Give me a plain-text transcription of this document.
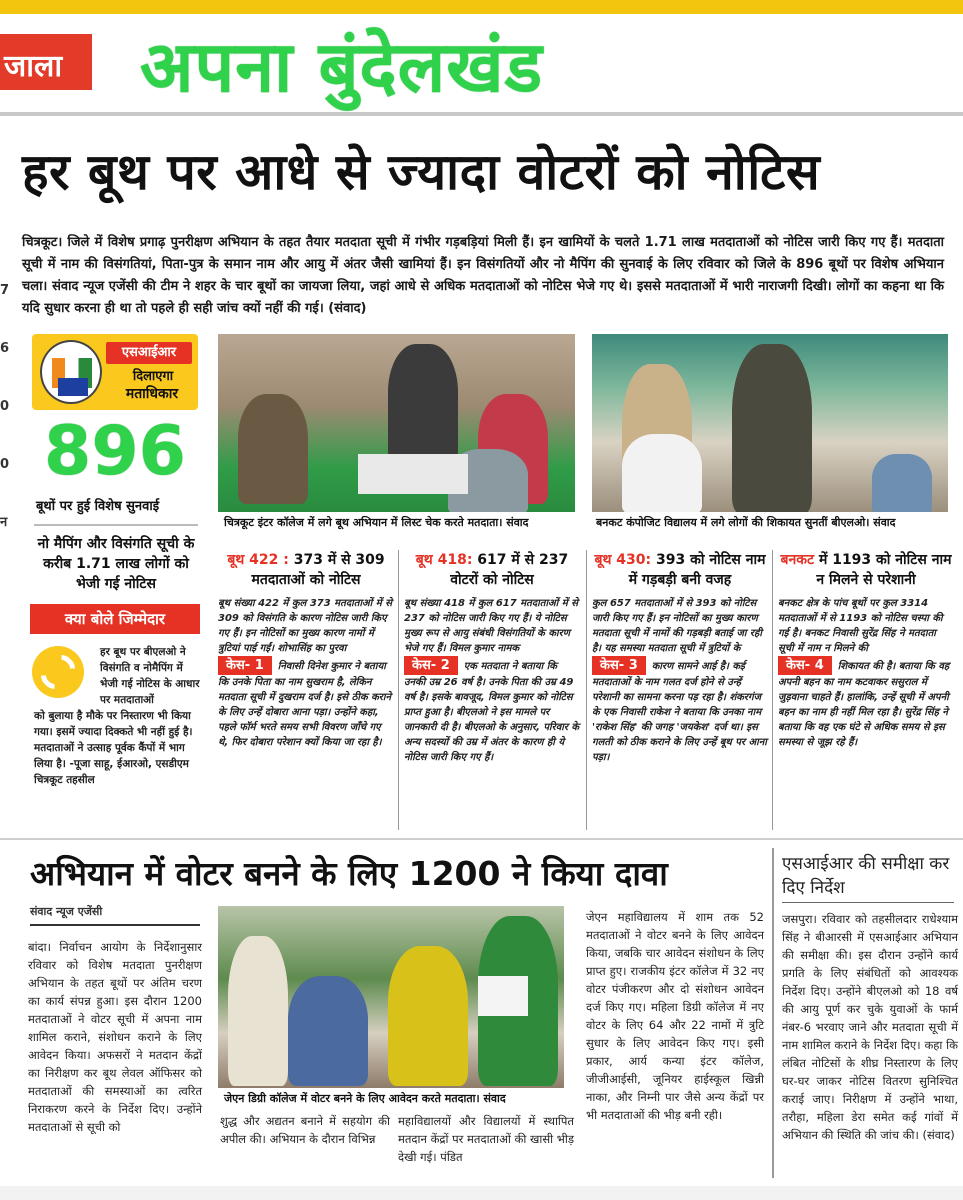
जाला	अपना बुंदेलखंड
हर बूथ पर आधे से ज्यादा वोटरों को नोटिस
चित्रकूट। जिले में विशेष प्रगाढ़ पुनरीक्षण अभियान के तहत तैयार मतदाता सूची में गंभीर गड़बड़ियां मिली हैं। इन खामियों के चलते 1.71 लाख मतदाताओं को नोटिस जारी किए गए हैं। मतदाता सूची में नाम की विसंगतियां, पिता-पुत्र के समान नाम और आयु में अंतर जैसी खामियां हैं। इन विसंगतियों और नो मैपिंग की सुनवाई के लिए रविवार को जिले के 896 बूथों पर विशेष अभियान चला। संवाद न्यूज एजेंसी की टीम ने शहर के चार बूथों का जायजा लिया, जहां आधे से अधिक मतदाताओं को नोटिस भेजे गए थे। इससे मतदाताओं में भारी नाराजगी दिखी। लोगों का कहना था कि यदि सुधार करना ही था तो पहले ही सही जांच क्यों नहीं की गई। (संवाद)
7
6
0
0
न
एसआईआर
दिलाएगा
मताधिकार
896
बूथों पर हुई विशेष सुनवाई
नो मैपिंग और विसंगति सूची के करीब 1.71 लाख लोगों को भेजी गई नोटिस
क्या बोले जिम्मेदार
हर बूथ पर बीएलओ ने विसंगति व नोमैपिंग में भेजी गई नोटिस के आधार पर मतदाताओं
को बुलाया है मौके पर निस्तारण भी किया गया। इसमें ज्यादा दिक्कते भी नहीं हुई है। मतदाताओं ने उत्साह पूर्वक कैंपों में भाग लिया है। -पूजा साहू, ईआरओ, एसडीएम चित्रकूट तहसील
चित्रकूट इंटर कॉलेज में लगे बूथ अभियान में लिस्ट चेक करते मतदाता। संवाद	बनकट कंपोजिट विद्यालय में लगे लोगों की शिकायत सुनतीं बीएलओ। संवाद
बूथ 422 : 373 में से 309 मतदाताओं को नोटिस
बूथ संख्या 422 में कुल 373 मतदाताओं में से 309 को विसंगति के कारण नोटिस जारी किए गए हैं। इन नोटिसों का मुख्य कारण नामों में त्रुटियां पाई गईं। शोभासिंह का पुरवा
केस- 1 निवासी दिनेश कुमार ने बताया कि उनके पिता का नाम सुखराम है, लेकिन मतदाता सूची में दुखराम दर्ज है। इसे ठीक कराने के लिए उन्हें दोबारा आना पड़ा। उन्होंने कहा, पहले फॉर्म भरते समय सभी विवरण जाँचे गए थे, फिर दोबारा परेशान क्यों किया जा रहा है।
बूथ 418: 617 में से 237 वोटरों को नोटिस
बूथ संख्या 418 में कुल 617 मतदाताओं में से 237 को नोटिस जारी किए गए हैं। ये नोटिस मुख्य रूप से आयु संबंधी विसंगतियों के कारण भेजे गए हैं। विमल कुमार नामक
केस- 2 एक मतदाता ने बताया कि उनकी उम्र 26 वर्ष है। उनके पिता की उम्र 49 वर्ष है। इसके बावजूद, विमल कुमार को नोटिस प्राप्त हुआ है। बीएलओ ने इस मामले पर जानकारी दी है। बीएलओ के अनुसार, परिवार के अन्य सदस्यों की उम्र में अंतर के कारण ही ये नोटिस जारी किए गए हैं।
बूथ 430: 393 को नोटिस नाम में गड़बड़ी बनी वजह
कुल 657 मतदाताओं में से 393 को नोटिस जारी किए गए हैं। इन नोटिसों का मुख्य कारण मतदाता सूची में नामों की गड़बड़ी बताई जा रही है। यह समस्या मतदाता सूची में त्रुटियों के
केस- 3 कारण सामने आई है। कई मतदाताओं के नाम गलत दर्ज होने से उन्हें परेशानी का सामना करना पड़ रहा है। शंकरगंज के एक निवासी राकेश ने बताया कि उनका नाम 'राकेश सिंह' की जगह 'जयकेश' दर्ज था। इस गलती को ठीक कराने के लिए उन्हें बूथ पर आना पड़ा।
बनकट में 1193 को नोटिस नाम न मिलने से परेशानी
बनकट क्षेत्र के पांच बूथों पर कुल 3314 मतदाताओं में से 1193 को नोटिस चस्पा की गई है। बनकट निवासी सुरेंद्र सिंह ने मतदाता सूची में नाम न मिलने की
केस- 4 शिकायत की है। बताया कि वह अपनी बहन का नाम कटवाकर ससुराल में जुड़वाना चाहते हैं। हालांकि, उन्हें सूची में अपनी बहन का नाम ही नहीं मिल रहा है। सुरेंद्र सिंह ने बताया कि वह एक घंटे से अधिक समय से इस समस्या से जूझ रहे हैं।
अभियान में वोटर बनने के लिए 1200 ने किया दावा
संवाद न्यूज एजेंसी
बांदा। निर्वाचन आयोग के निर्देशानुसार रविवार को विशेष मतदाता पुनरीक्षण अभियान के तहत बूथों पर अंतिम चरण का कार्य संपन्न हुआ। इस दौरान 1200 मतदाताओं ने वोटर सूची में अपना नाम शामिल कराने, संशोधन कराने के लिए आवेदन किया। अफसरों ने मतदान केंद्रों का निरीक्षण कर बूथ लेवल ऑफिसर को मतदाताओं की समस्याओं का त्वरित निराकरण करने के निर्देश दिए। उन्होंने मतदाताओं से सूची को
जेएन डिग्री कॉलेज में वोटर बनने के लिए आवेदन करते मतदाता। संवाद
शुद्ध और अद्यतन बनाने में सहयोग की अपील की। अभियान के दौरान विभिन्न
महाविद्यालयों और विद्यालयों में स्थापित मतदान केंद्रों पर मतदाताओं की खासी भीड़ देखी गई। पंडित
जेएन महाविद्यालय में शाम तक 52 मतदाताओं ने वोटर बनने के लिए आवेदन किया, जबकि चार आवेदन संशोधन के लिए प्राप्त हुए। राजकीय इंटर कॉलेज में 32 नए वोटर पंजीकरण और दो संशोधन आवेदन दर्ज किए गए। महिला डिग्री कॉलेज में नए वोटर के लिए 64 और 22 नामों में त्रुटि सुधार के लिए आवेदन किए गए। इसी प्रकार, आर्य कन्या इंटर कॉलेज, जीजीआईसी, जूनियर हाईस्कूल खिन्नी नाका, और निम्नी पार जैसे अन्य केंद्रों पर भी मतदाताओं की भीड़ बनी रही।
एसआईआर की समीक्षा कर दिए निर्देश
जसपुरा। रविवार को तहसीलदार राधेश्याम सिंह ने बीआरसी में एसआईआर अभियान की समीक्षा की। इस दौरान उन्होंने कार्य प्रगति के लिए संबंधितों को आवश्यक निर्देश दिए। उन्होंने बीएलओ को 18 वर्ष की आयु पूर्ण कर चुके युवाओं के फार्म नंबर-6 भरवाए जाने और मतदाता सूची में नाम शामिल कराने के निर्देश दिए। कहा कि लंबित नोटिसों के शीघ्र निस्तारण के लिए घर-घर जाकर नोटिस वितरण सुनिश्चित कराई जाए। निरीक्षण में उन्होंने भाथा, तरौहा, महिला डेरा समेत कई गांवों में अभियान की स्थिति की जांच की। (संवाद)
